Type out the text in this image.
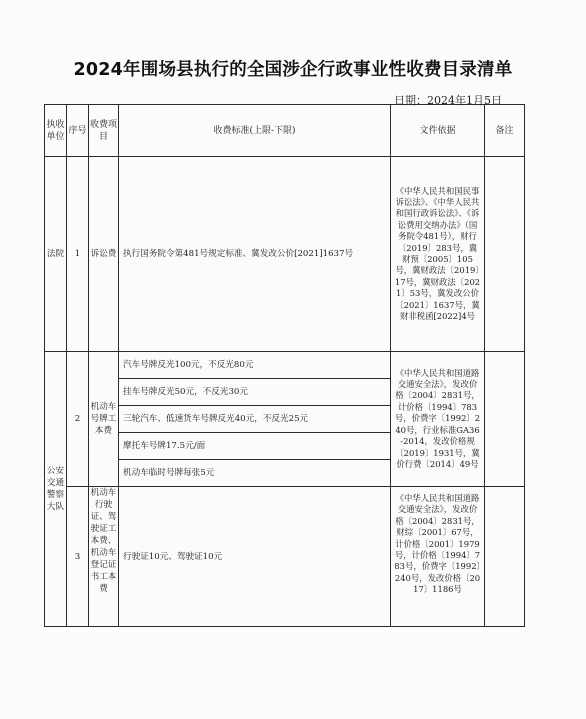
2024年围场县执行的全国涉企行政事业性收费目录清单
日期：2024年1月5日
执收单位	序号	收费项目	收费标准(上限-下限)	文件依据	备注
法院	1	诉讼费	执行国务院令第481号规定标准、冀发改公价[2021]1637号	《中华人民共和国民事诉讼法》、《中华人民共和国行政诉讼法》、《诉讼费用交纳办法》（国务院令481号），财行〔2019〕283号，冀财预〔2005〕105号，冀财政法〔2019〕17号，冀财政法〔2021〕53号，冀发改公价〔2021〕1637号，冀财非税函[2022]4号	
公安交通警察大队	2	机动车号牌工本费	汽车号牌反光100元，不反光80元	《中华人民共和国道路交通安全法》，发改价格〔2004〕2831号，计价格〔1994〕783号，价费字〔1992〕240号，行业标准GA36-2014，发改价格规〔2019〕1931号，冀价行费〔2014〕49号	
			挂车号牌反光50元，不反光30元		
			三轮汽车、低速货车号牌反光40元，不反光25元		
			摩托车号牌17.5元/面		
			机动车临时号牌每张5元		
	3	机动车行驶证、驾驶证工本费、机动车登记证书工本费	行驶证10元、驾驶证10元	《中华人民共和国道路交通安全法》，发改价格〔2004〕2831号，财综〔2001〕67号，计价格〔2001〕1979号，计价格〔1994〕783号，价费字〔1992〕240号，发改价格〔2017〕1186号	
